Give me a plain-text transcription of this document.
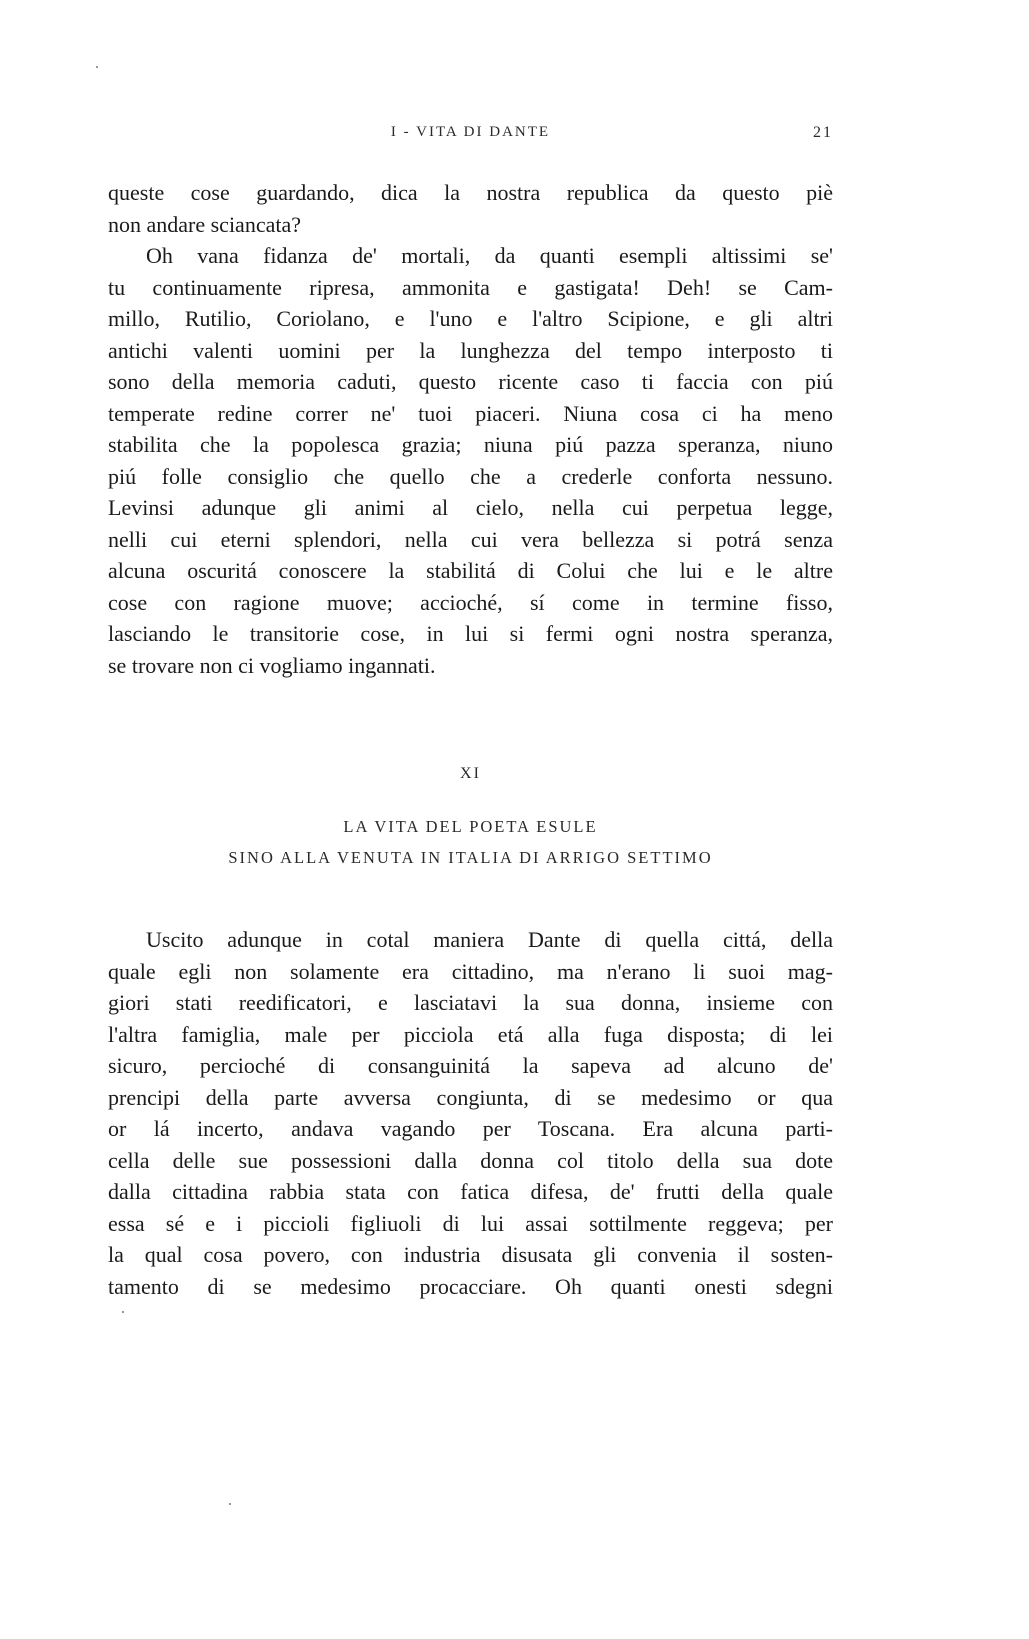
I - VITA DI DANTE	21
queste cose guardando, dica la nostra republica da questo piè
non andare sciancata?
Oh vana fidanza de' mortali, da quanti esempli altissimi se'
tu continuamente ripresa, ammonita e gastigata! Deh! se Cam-
millo, Rutilio, Coriolano, e l'uno e l'altro Scipione, e gli altri
antichi valenti uomini per la lunghezza del tempo interposto ti
sono della memoria caduti, questo ricente caso ti faccia con piú
temperate redine correr ne' tuoi piaceri. Niuna cosa ci ha meno
stabilita che la popolesca grazia; niuna piú pazza speranza, niuno
piú folle consiglio che quello che a crederle conforta nessuno.
Levinsi adunque gli animi al cielo, nella cui perpetua legge,
nelli cui eterni splendori, nella cui vera bellezza si potrá senza
alcuna oscuritá conoscere la stabilitá di Colui che lui e le altre
cose con ragione muove; accioché, sí come in termine fisso,
lasciando le transitorie cose, in lui si fermi ogni nostra speranza,
se trovare non ci vogliamo ingannati.
XI
LA VITA DEL POETA ESULE
SINO ALLA VENUTA IN ITALIA DI ARRIGO SETTIMO
Uscito adunque in cotal maniera Dante di quella cittá, della
quale egli non solamente era cittadino, ma n'erano li suoi mag-
giori stati reedificatori, e lasciatavi la sua donna, insieme con
l'altra famiglia, male per picciola etá alla fuga disposta; di lei
sicuro, percioché di consanguinitá la sapeva ad alcuno de'
prencipi della parte avversa congiunta, di se medesimo or qua
or lá incerto, andava vagando per Toscana. Era alcuna parti-
cella delle sue possessioni dalla donna col titolo della sua dote
dalla cittadina rabbia stata con fatica difesa, de' frutti della quale
essa sé e i piccioli figliuoli di lui assai sottilmente reggeva; per
la qual cosa povero, con industria disusata gli convenia il sosten-
tamento di se medesimo procacciare. Oh quanti onesti sdegni
